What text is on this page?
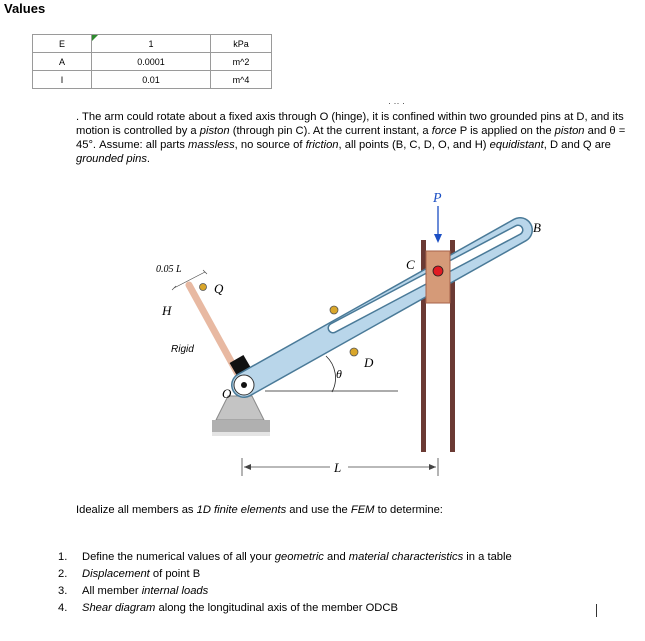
Values
E	1	kPa
A	0.0001	m^2
I	0.01	m^4
· ·· ·

. The arm could rotate about a fixed axis through O (hinge), it is confined within two grounded pins at D, and its motion is controlled by a piston (through pin C). At the current instant, a force P is applied on the piston and θ = 45°. Assume: all parts massless, no source of friction, all points (B, C, D, O, and H) equidistant, D and Q are grounded pins.

P
B
C
D
O
Q
H
θ
Rigid
0.05 L
L
Idealize all members as 1D finite elements and use the FEM to determine:
1. Define the numerical values of all your geometric and material characteristics in a table
2. Displacement of point B
3. All member internal loads
4. Shear diagram along the longitudinal axis of the member ODCB
